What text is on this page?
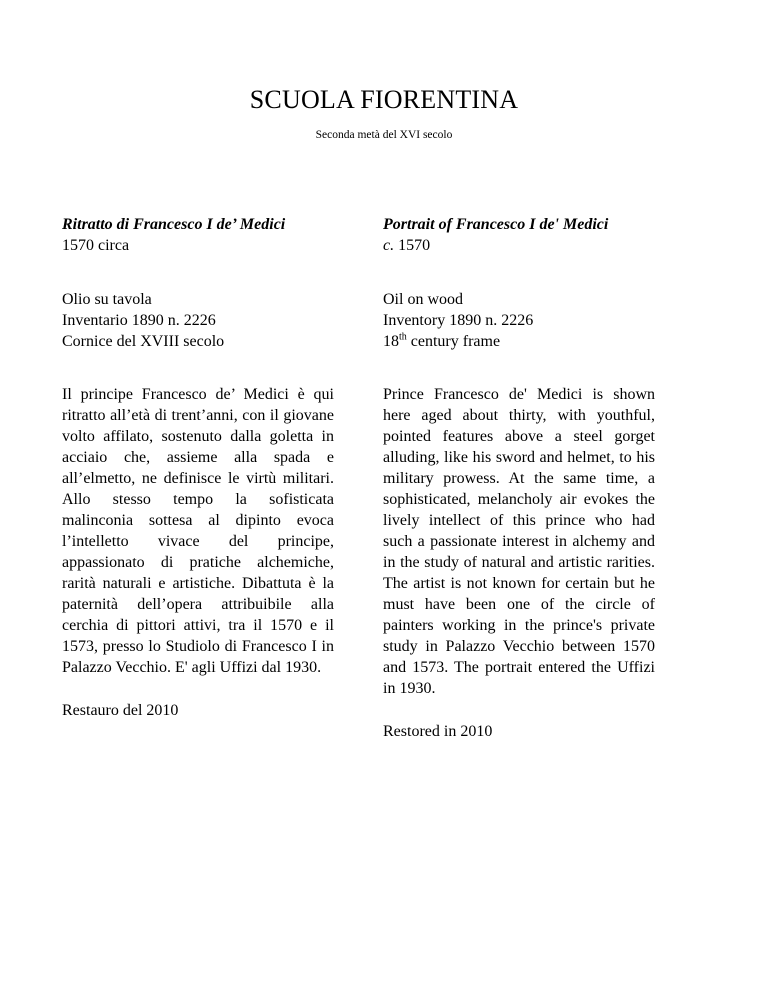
SCUOLA FIORENTINA

Seconda metà del XVI secolo

Ritratto di Francesco I de’ Medici
1570 circa

Olio su tavola
Inventario 1890 n. 2226
Cornice del XVIII secolo

Il principe Francesco de’ Medici è qui ritratto all’età di trent’anni, con il giovane volto affilato, sostenuto dalla goletta in acciaio che, assieme alla spada e all’elmetto, ne definisce le virtù militari. Allo stesso tempo la sofisticata malinconia sottesa al dipinto evoca l’intelletto vivace del principe, appassionato di pratiche alchemiche, rarità naturali e artistiche. Dibattuta è la paternità dell’opera attribuibile alla cerchia di pittori attivi, tra il 1570 e il 1573, presso lo Studiolo di Francesco I in Palazzo Vecchio. E' agli Uffizi dal 1930.

Restauro del 2010

Portrait of Francesco I de' Medici
c. 1570

Oil on wood
Inventory 1890 n. 2226
18th century frame

Prince Francesco de' Medici is shown here aged about thirty, with youthful, pointed features above a steel gorget alluding, like his sword and helmet, to his military prowess. At the same time, a sophisticated, melancholy air evokes the lively intellect of this prince who had such a passionate interest in alchemy and in the study of natural and artistic rarities. The artist is not known for certain but he must have been one of the circle of painters working in the prince's private study in Palazzo Vecchio between 1570 and 1573. The portrait entered the Uffizi in 1930.

Restored in 2010
